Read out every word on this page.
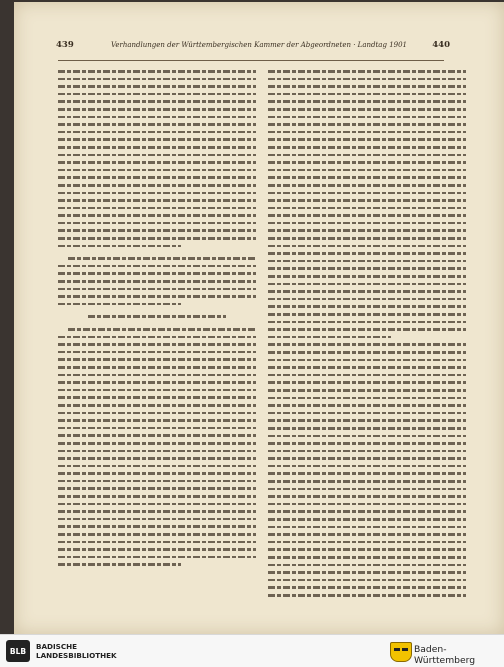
439	Verhandlungen der Württembergischen Kammer der Abgeordneten · Landtag 1901	440
BLB	BADISCHE LANDESBIBLIOTHEK
Baden-Württemberg
